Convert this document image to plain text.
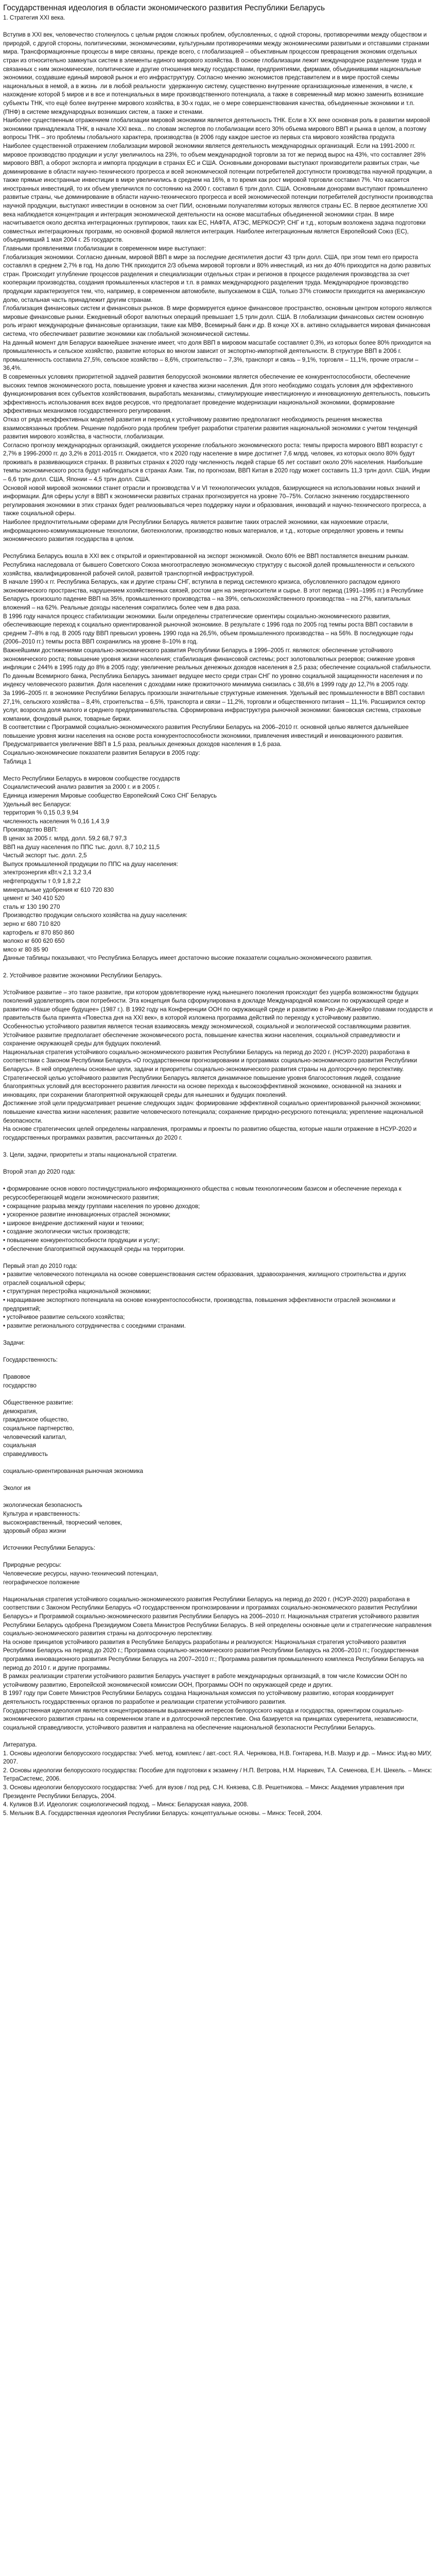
Государственная идеология в области экономического развития Республики Беларусь
1. Стратегия XXI века.

Вступив в XXI век, человечество столкнулось с целым рядом сложных проблем, обусловленных, с одной стороны, противоречиями между обществом и природой, с другой стороны, политическими, экономическими, культурными противоречиями между экономическими развитыми и отставшими странами мира. Трансформационные процессы в мире связаны, прежде всего, с глобализацией – объективным процессом превращения экономик отдельных стран из относительно замкнутых систем в элементы единого мирового хозяйства. В основе глобализации лежит международное разделение труда и связанных с ним экономические, политические и другие отношения между государствами, предприятиями, фирмами, объединившими национальные экономики, создавшие единый мировой рынок и его инфраструктуру. Согласно мнению экономистов представителем и в мире простой схемы национальных в немой, а в жизнь  ли в любой реальности  удержанную систему, существенно внутренние организационные изменения, в числе, к нахождение которой 5 миров и в все и потенциальных в мире производственного потенциала, а также в современный мир можно заменить возникшие субъекты ТНК, что ещё более внутренне мирового хозяйства, в 30-х годах, не о мере совершенствования качества, объединенные экономики и т.п. (ПНФ) в системе международных возникших систем, а также и стенами.
Наиболее существенным отражением глобализации мировой экономики является деятельность ТНК. Если в XX веке основная роль в развитии мировой экономики принадлежала ТНК, в начале XXI века... по словам экспертов по глобализации всего 30% объема мирового ВВП и рынка в целом, а поэтому вопросы ТНК – это проблемы глобального характера, производства (в 2006 году каждое шестое из первых ста мирового хозяйства продукта
Наиболее существенной отражением глобализации мировой экономики является деятельность международных организаций. Если на 1991-2000 гг. мировое производство продукции и услуг увеличилось на 23%, то объем международной торговли за тот же период вырос на 43%, что составляет 28% мирового ВВП, а оборот экспорта и импорта продукции в странах ЕС и США. Основными доноровами выступают производители развитых стран, чье доминирование в области научно-технического прогресса и всей экономической потенции потребителей доступности производства научной продукции, а также прямые иностранные инвестиции в мире увеличились в среднем на 16%, в то время как рост мировой торговли составил 7%. Что касается иностранных инвестиций, то их объем увеличился по состоянию на 2000 г. составил 6 трлн долл. США. Основными донорами выступают промышленно развитые страны, чье доминирование в области научно-технического прогресса и всей экономической потенции потребителей доступности производства научной продукции, выступают инвестиции в основном за счет ПИИ, основными получателями которых являются страны ЕС. В первое десятилетие XXI века наблюдается концентрация и интеграция экономической деятельности на основе масштабных объединенной экономики стран. В мире насчитывается около десятка интеграционных группировок, таких как ЕС, НАФТА, АТЭС, МЕРКОСУР, СНГ и т.д., которым возложена задача подготовки совместных интеграционных программ, но основной формой является интеграция. Наиболее интеграционным является Европейский Союз (ЕС), объединивший 1 мая 2004 г. 25 государств.
Главными проявлениями глобализации в современном мире выступают:
Глобализация экономики. Согласно данным, мировой ВВП в мире за последние десятилетия достиг 43 трлн долл. США, при этом темп его прироста составлял в среднем 2,7% в год. На долю ТНК приходится 2/3 объема мировой торговли и 80% инвестиций, из них до 40% приходится на долю развитых стран. Происходит углубление процессов разделения и специализации отдельных стран и регионов в процессе разделения производства за счет кооперации производства, создания промышленных кластеров и т.п. в рамках международного разделения труда. Международное производство продукции характеризуется тем, что, например, в современном автомобиле, выпускаемом в США, только 37% стоимости приходится на американскую долю, остальная часть принадлежит другим странам.
Глобализация финансовых систем и финансовых рынков. В мире формируется единое финансовое пространство, основным центром которого являются мировые финансовые рынки. Ежедневный оборот валютных операций превышает 1,5 трлн долл. США. В глобализации финансовых систем основную роль играют международные финансовые организации, такие как МВФ, Всемирный банк и др. В конце XX в. активно складывается мировая финансовая система, что обеспечивает развитие экономики как глобальной экономической системы.
На данный момент для Беларуси важнейшее значение имеет, что доля ВВП в мировом масштабе составляет 0,3%, из которых более 80% приходится на промышленность и сельское хозяйство, развитие которых во многом зависит от экспортно-импортной деятельности. В структуре ВВП в 2006 г. промышленность составила 27,5%, сельское хозяйство – 8,6%, строительство – 7,3%, транспорт и связь – 9,1%, торговля – 11,1%, прочие отрасли – 36,4%.
В современных условиях приоритетной задачей развития белорусской экономики является обеспечение ее конкурентоспособности, обеспечение высоких темпов экономического роста, повышение уровня и качества жизни населения. Для этого необходимо создать условия для эффективного функционирования всех субъектов хозяйствования, выработать механизмы, стимулирующие инвестиционную и инновационную деятельность, повысить эффективность использования всех видов ресурсов, что предполагает проведение модернизации национальной экономики, формирование эффективных механизмов государственного регулирования.
Отказ от ряда неэффективных моделей развития и переход к устойчивому развитию предполагают необходимость решения множества взаимосвязанных проблем. Решение подобного рода проблем требует разработки стратегии развития национальной экономики с учетом тенденций развития мирового хозяйства, в частности, глобализации.
Согласно прогнозу международных организаций, ожидается ускорение глобального экономического роста: темпы прироста мирового ВВП возрастут с 2,7% в 1996-2000 гг. до 3,2% в 2011-2015 гг. Ожидается, что к 2020 году население в мире достигнет 7,6 млрд. человек, из которых около 80% будут проживать в развивающихся странах. В развитых странах к 2020 году численность людей старше 65 лет составит около 20% населения. Наибольшие темпы экономического роста будут наблюдаться в странах Азии. Так, по прогнозам, ВВП Китая в 2020 году может составить 11,3 трлн долл. США, Индии – 6,6 трлн долл. США, Японии – 4,5 трлн долл. США.
Основой новой мировой экономики станет отрасли и производства V и VI технологических укладов, базирующиеся на использовании новых знаний и информации. Для сферы услуг в ВВП к экономически развитых странах прогнозируется на уровне 70–75%. Согласно значению государственного регулирования экономики в этих странах будет реализовываться через поддержку науки и образования, инноваций и научно-технического прогресса, а также социальной сферы.
Наиболее предпочтительными сферами для Республики Беларусь является развитие таких отраслей экономики, как наукоемкие отрасли, информационно-коммуникационные технологии, биотехнологии, производство новых материалов, и т.д., которые определяют уровень и темпы экономического развития государства в целом.

Республика Беларусь вошла в XXI век с открытой и ориентированной на экспорт экономикой. Около 60% ее ВВП поставляется внешним рынкам. Республика наследовала от бывшего Советского Союза многоотраслевую экономическую структуру с высокой долей промышленности и сельского хозяйства, квалифицированной рабочей силой, развитой транспортной инфраструктурой.
В начале 1990-х гг. Республика Беларусь, как и другие страны СНГ, вступила в период системного кризиса, обусловленного распадом единого экономического пространства, нарушением хозяйственных связей, ростом цен на энергоносители и сырье. В этот период (1991–1995 гг.) в Республике Беларусь произошло падение ВВП на 35%, промышленного производства – на 39%, сельскохозяйственного производства – на 27%, капитальных вложений – на 62%. Реальные доходы населения сократились более чем в два раза.
В 1996 году начался процесс стабилизации экономики. Были определены стратегические ориентиры социально-экономического развития, обеспечивающие переход к социально ориентированной рыночной экономике. В результате с 1996 года по 2005 год темпы роста ВВП составили в среднем 7–8% в год. В 2005 году ВВП превысил уровень 1990 года на 26,5%, объем промышленного производства – на 56%. В последующие годы (2006–2010 гг.) темпы роста ВВП сохранились на уровне 8–10% в год.
Важнейшими достижениями социально-экономического развития Республики Беларусь в 1996–2005 гг. являются: обеспечение устойчивого экономического роста; повышение уровня жизни населения; стабилизация финансовой системы; рост золотовалютных резервов; снижение уровня инфляции с 244% в 1995 году до 8% в 2005 году; увеличение реальных денежных доходов населения в 2,5 раза; обеспечение социальной стабильности.
По данным Всемирного банка, Республика Беларусь занимает ведущее место среди стран СНГ по уровню социальной защищенности населения и по индексу человеческого развития. Доля населения с доходами ниже прожиточного минимума снизилась с 38,6% в 1999 году до 12,7% в 2005 году.
За 1996–2005 гг. в экономике Республики Беларусь произошли значительные структурные изменения. Удельный вес промышленности в ВВП составил 27,1%, сельского хозяйства – 8,4%, строительства – 6,5%, транспорта и связи – 11,2%, торговли и общественного питания – 11,1%. Расширился сектор услуг, возросла доля малого и среднего предпринимательства. Сформирована инфраструктура рыночной экономики: банковская система, страховые компании, фондовый рынок, товарные биржи.
В соответствии с Программой социально-экономического развития Республики Беларусь на 2006–2010 гг. основной целью является дальнейшее повышение уровня жизни населения на основе роста конкурентоспособности экономики, привлечения инвестиций и инновационного развития. Предусматривается увеличение ВВП в 1,5 раза, реальных денежных доходов населения в 1,6 раза.
Социально-экономические показатели развития Беларуси в 2005 году:
Таблица 1

Место Республики Беларусь в мировом сообществе государств
Социалистический анализ развития за 2000 г. и в 2005 г.
Единица измерения Мировые сообщество Европейский Союз СНГ Беларусь
Удельный вес Беларуси:
территория % 0,15 0,3 9,94
численность населения % 0,16 1,4 3,9
Производство ВВП:
В ценах за 2005 г. млрд. долл. 59,2 68,7 97,3
ВВП на душу населения по ППС тыс. долл. 8,7 10,2 11,5
Чистый экспорт тыс. долл. 2,5
Выпуск промышленной продукции по ППС на душу населения:
электроэнергия кВт.ч 2,1 3,2 3,4
нефтепродукты т 0,9 1,8 2,2
минеральные удобрения кг 610 720 830
цемент кг 340 410 520
сталь кг 130 190 270
Производство продукции сельского хозяйства на душу населения:
зерно кг 680 710 820
картофель кг 870 850 860
молоко кг 600 620 650
мясо кг 80 85 90
Данные таблицы показывают, что Республика Беларусь имеет достаточно высокие показатели социально-экономического развития.

2. Устойчивое развитие экономики Республики Беларусь.

Устойчивое развитие – это такое развитие, при котором удовлетворение нужд нынешнего поколения происходит без ущерба возможностям будущих поколений удовлетворять свои потребности. Эта концепция была сформулирована в докладе Международной комиссии по окружающей среде и развитию «Наше общее будущее» (1987 г.). В 1992 году на Конференции ООН по окружающей среде и развитию в Рио-де-Жанейро главами государств и правительств была принята «Повестка дня на XXI век», в которой изложена программа действий по переходу к устойчивому развитию.
Особенностью устойчивого развития является тесная взаимосвязь между экономической, социальной и экологической составляющими развития. Устойчивое развитие предполагает обеспечение экономического роста, повышение качества жизни населения, социальной справедливости и сохранение окружающей среды для будущих поколений.
Национальная стратегия устойчивого социально-экономического развития Республики Беларусь на период до 2020 г. (НСУР-2020) разработана в соответствии с Законом Республики Беларусь «О государственном прогнозировании и программах социально-экономического развития Республики Беларусь». В ней определены основные цели, задачи и приоритеты социально-экономического развития страны на долгосрочную перспективу.
Стратегической целью устойчивого развития Республики Беларусь является динамичное повышение уровня благосостояния людей, создание благоприятных условий для всестороннего развития личности на основе перехода к высокоэффективной экономике, основанной на знаниях и инновациях, при сохранении благоприятной окружающей среды для нынешних и будущих поколений.
Достижение этой цели предусматривает решение следующих задач: формирование эффективной социально ориентированной рыночной экономики; повышение качества жизни населения; развитие человеческого потенциала; сохранение природно-ресурсного потенциала; укрепление национальной безопасности.
На основе стратегических целей определены направления, программы и проекты по развитию общества, которые нашли отражение в НСУР-2020 и государственных программах развития, рассчитанных до 2020 г.

3. Цели, задачи, приоритеты и этапы национальной стратегии.

Второй этап до 2020 года:

• формирование основ нового постиндустриального информационного общества с новым технологическим базисом и обеспечение перехода к ресурсосберегающей модели экономического развития;
• сокращение разрыва между группами населения по уровню доходов;
• ускоренное развитие инновационных отраслей экономики;
• широкое внедрение достижений науки и техники;
• создание экологически чистых производств;
• повышение конкурентоспособности продукции и услуг;
• обеспечение благоприятной окружающей среды на территории.

Первый этап до 2010 года:
• развитие человеческого потенциала на основе совершенствования систем образования, здравоохранения, жилищного строительства и других отраслей социальной сферы;
• структурная перестройка национальной экономики;
• наращивание экспортного потенциала на основе конкурентоспособности, производства, повышения эффективности отраслей экономики и предприятий;
• устойчивое развитие сельского хозяйства;
• развитие регионального сотрудничества с соседними странами.

Задачи:

Государственность:

Правовое
государство

Общественное развитие:
демократия,
гражданское общество,
социальное партнерство,
человеческий капитал,
социальная
справедливость

социально-ориентированная рыночная экономика

Эколог ия

экологическая безопасность
Культура и нравственность:
высоконравственный, творческий человек,
здоровый образ жизни

Источники Республики Беларусь:

Природные ресурсы:
Человеческие ресурсы, научно-технический потенциал,
географическое положение

Национальная стратегия устойчивого социально-экономического развития Республики Беларусь на период до 2020 г. (НСУР-2020) разработана в соответствии с Законом Республики Беларусь «О государственном прогнозировании и программах социально-экономического развития Республики Беларусь» и Программой социально-экономического развития Республики Беларусь на 2006–2010 гг. Национальная стратегия устойчивого развития Республики Беларусь одобрена Президиумом Совета Министров Республики Беларусь. В ней определены основные цели и стратегические направления социально-экономического развития страны на долгосрочную перспективу.
На основе принципов устойчивого развития в Республике Беларусь разработаны и реализуются: Национальная стратегия устойчивого развития Республики Беларусь на период до 2020 г.; Программа социально-экономического развития Республики Беларусь на 2006–2010 гг.; Государственная программа инновационного развития Республики Беларусь на 2007–2010 гг.; Программа развития промышленного комплекса Республики Беларусь на период до 2010 г. и другие программы.
В рамках реализации стратегии устойчивого развития Беларусь участвует в работе международных организаций, в том числе Комиссии ООН по устойчивому развитию, Европейской экономической комиссии ООН, Программы ООН по окружающей среде и других.
В 1997 году при Совете Министров Республики Беларусь создана Национальная комиссия по устойчивому развитию, которая координирует деятельность государственных органов по разработке и реализации стратегии устойчивого развития.
Государственная идеология является концентрированным выражением интересов белорусского народа и государства, ориентиром социально-экономического развития страны на современном этапе и в долгосрочной перспективе. Она базируется на принципах суверенитета, независимости, социальной справедливости, устойчивого развития и направлена на обеспечение национальной безопасности Республики Беларусь.

Литература.
1. Основы идеологии белорусского государства: Учеб. метод. комплекс / авт.-сост. Я.А. Чернякова, Н.В. Гонтарева, Н.В. Мазур и др. – Минск: Изд-во МИУ, 2007.
2. Основы идеологии белорусского государства: Пособие для подготовки к экзамену / Н.П. Ветрова, Н.М. Наркевич, Т.А. Семенова, Е.Н. Шекель. – Минск: ТетраСистемс, 2006.
3. Основы идеологии белорусского государства: Учеб. для вузов / под ред. С.Н. Князева, С.В. Решетникова. – Минск: Академия управления при Президенте Республики Беларусь, 2004.
4. Куликов В.И. Идеология: социологический подход. – Минск: Беларуская навука, 2008.
5. Мельник В.А. Государственная идеология Республики Беларусь: концептуальные основы. – Минск: Тесей, 2004.
